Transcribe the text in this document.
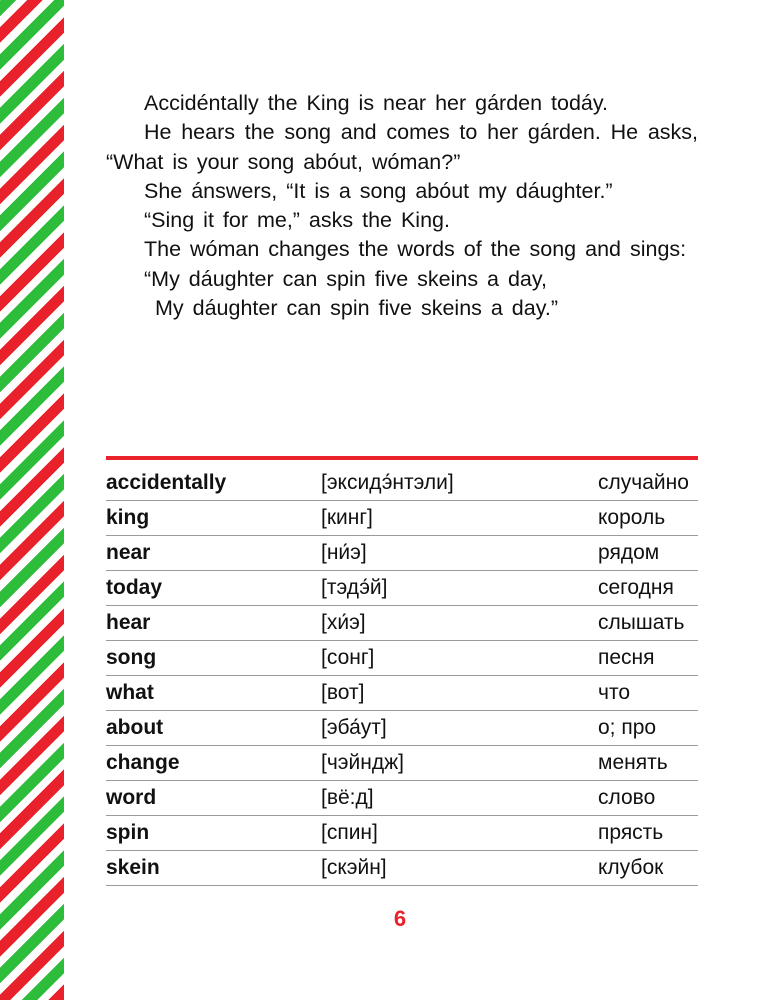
Accidéntally the King is near her gárden todáy.

He hears the song and comes to her gárden. He asks, “What is your song abóut, wóman?”

She ánswers, “It is a song abóut my dáughter.”

“Sing it for me,” asks the King.

The wóman changes the words of the song and sings:

“My dáughter can spin five skeins a day,

My dáughter can spin five skeins a day.”

accidentally	[эксидэ́нтэли]	случайно
king	[кинг]	король
near	[ни́э]	рядом
today	[тэдэ́й]	сегодня
hear	[хи́э]	слышать
song	[сонг]	песня
what	[вот]	что
about	[эба́ут]	о; про
change	[чэйндж]	менять
word	[вё:д]	слово
spin	[спин]	прясть
skein	[скэйн]	клубок
6
